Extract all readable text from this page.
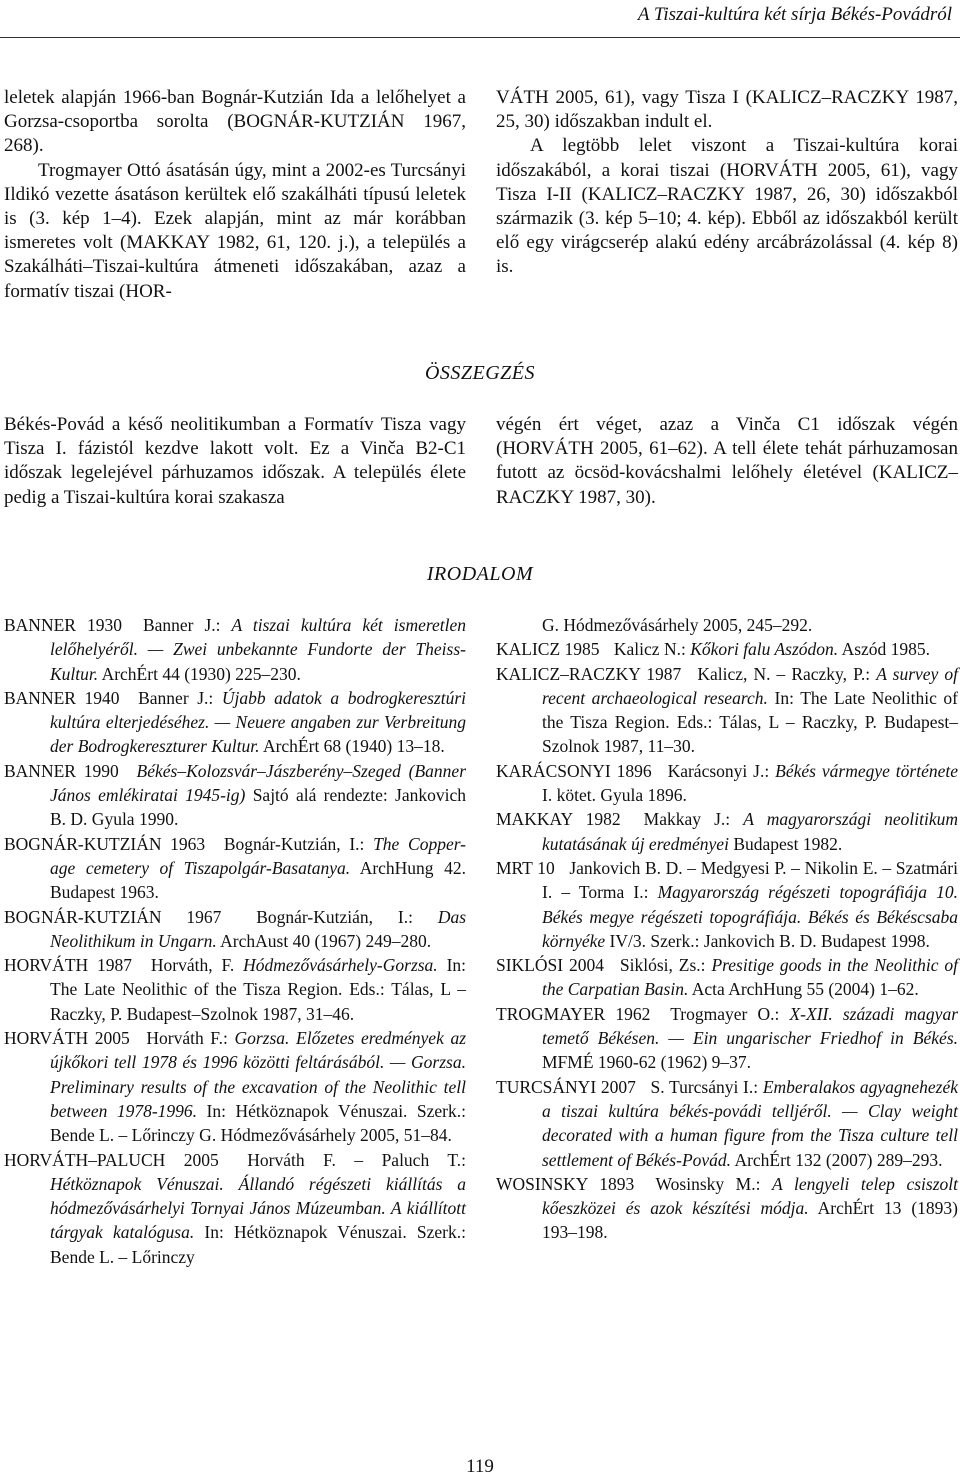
A Tiszai-kultúra két sírja Békés-Povádról

leletek alapján 1966-ban Bognár-Kutzián Ida a lelőhelyet a Gorzsa-csoportba sorolta (BOGNÁR-KUTZIÁN 1967, 268).

Trogmayer Ottó ásatásán úgy, mint a 2002-es Turcsányi Ildikó vezette ásatáson kerültek elő szakálháti típusú leletek is (3. kép 1–4). Ezek alapján, mint az már korábban ismeretes volt (MAKKAY 1982, 61, 120. j.), a település a Szakálháti–Tiszai-kultúra átmeneti időszakában, azaz a formatív tiszai (HOR-

VÁTH 2005, 61), vagy Tisza I (KALICZ–RACZKY 1987, 25, 30) időszakban indult el.

A legtöbb lelet viszont a Tiszai-kultúra korai időszakából, a korai tiszai (HORVÁTH 2005, 61), vagy Tisza I-II (KALICZ–RACZKY 1987, 26, 30) időszakból származik (3. kép 5–10; 4. kép). Ebből az időszakból került elő egy virágcserép alakú edény arcábrázolással (4. kép 8) is.

ÖSSZEGZÉS

Békés-Povád a késő neolitikumban a Formatív Tisza vagy Tisza I. fázistól kezdve lakott volt. Ez a Vinča B2-C1 időszak legelejével párhuzamos időszak. A település élete pedig a Tiszai-kultúra korai szakasza

végén ért véget, azaz a Vinča C1 időszak végén (HORVÁTH 2005, 61–62). A tell élete tehát párhuzamosan futott az öcsöd-kovácshalmi lelőhely életével (KALICZ–RACZKY 1987, 30).

IRODALOM

BANNER 1930 Banner J.: A tiszai kultúra két ismeretlen lelőhelyéről. — Zwei unbekannte Fundorte der Theiss-Kultur. ArchÉrt 44 (1930) 225–230.

BANNER 1940 Banner J.: Újabb adatok a bodrogkeresztúri kultúra elterjedéséhez. — Neuere angaben zur Verbreitung der Bodrogkereszturer Kultur. ArchÉrt 68 (1940) 13–18.

BANNER 1990 Békés–Kolozsvár–Jászberény–Szeged (Banner János emlékiratai 1945-ig) Sajtó alá rendezte: Jankovich B. D. Gyula 1990.

BOGNÁR-KUTZIÁN 1963 Bognár-Kutzián, I.: The Copper-age cemetery of Tiszapolgár-Basatanya. ArchHung 42. Budapest 1963.

BOGNÁR-KUTZIÁN 1967 Bognár-Kutzián, I.: Das Neolithikum in Ungarn. ArchAust 40 (1967) 249–280.

HORVÁTH 1987 Horváth, F. Hódmezővásárhely-Gorzsa. In: The Late Neolithic of the Tisza Region. Eds.: Tálas, L – Raczky, P. Budapest–Szolnok 1987, 31–46.

HORVÁTH 2005 Horváth F.: Gorzsa. Előzetes eredmények az újkőkori tell 1978 és 1996 közötti feltárásából. — Gorzsa. Preliminary results of the excavation of the Neolithic tell between 1978-1996. In: Hétköznapok Vénuszai. Szerk.: Bende L. – Lőrinczy G. Hódmezővásárhely 2005, 51–84.

HORVÁTH–PALUCH 2005 Horváth F. – Paluch T.: Hétköznapok Vénuszai. Állandó régészeti kiállítás a hódmezővásárhelyi Tornyai János Múzeumban. A kiállított tárgyak katalógusa. In: Hétköznapok Vénuszai. Szerk.: Bende L. – Lőrinczy

G. Hódmezővásárhely 2005, 245–292.

KALICZ 1985 Kalicz N.: Kőkori falu Aszódon. Aszód 1985.

KALICZ–RACZKY 1987 Kalicz, N. – Raczky, P.: A survey of recent archaeological research. In: The Late Neolithic of the Tisza Region. Eds.: Tálas, L – Raczky, P. Budapest–Szolnok 1987, 11–30.

KARÁCSONYI 1896 Karácsonyi J.: Békés vármegye története I. kötet. Gyula 1896.

MAKKAY 1982 Makkay J.: A magyarországi neolitikum kutatásának új eredményei Budapest 1982.

MRT 10 Jankovich B. D. – Medgyesi P. – Nikolin E. – Szatmári I. – Torma I.: Magyarország régészeti topográfiája 10. Békés megye régészeti topográfiája. Békés és Békéscsaba környéke IV/3. Szerk.: Jankovich B. D. Budapest 1998.

SIKLÓSI 2004 Siklósi, Zs.: Presitige goods in the Neolithic of the Carpatian Basin. Acta ArchHung 55 (2004) 1–62.

TROGMAYER 1962 Trogmayer O.: X-XII. századi magyar temető Békésen. — Ein ungarischer Friedhof in Békés. MFMÉ 1960-62 (1962) 9–37.

TURCSÁNYI 2007 S. Turcsányi I.: Emberalakos agyagnehezék a tiszai kultúra békés-povádi telljéről. — Clay weight decorated with a human figure from the Tisza culture tell settlement of Békés-Povád. ArchÉrt 132 (2007) 289–293.

WOSINSKY 1893 Wosinsky M.: A lengyeli telep csiszolt kőeszközei és azok készítési módja. ArchÉrt 13 (1893) 193–198.

119
